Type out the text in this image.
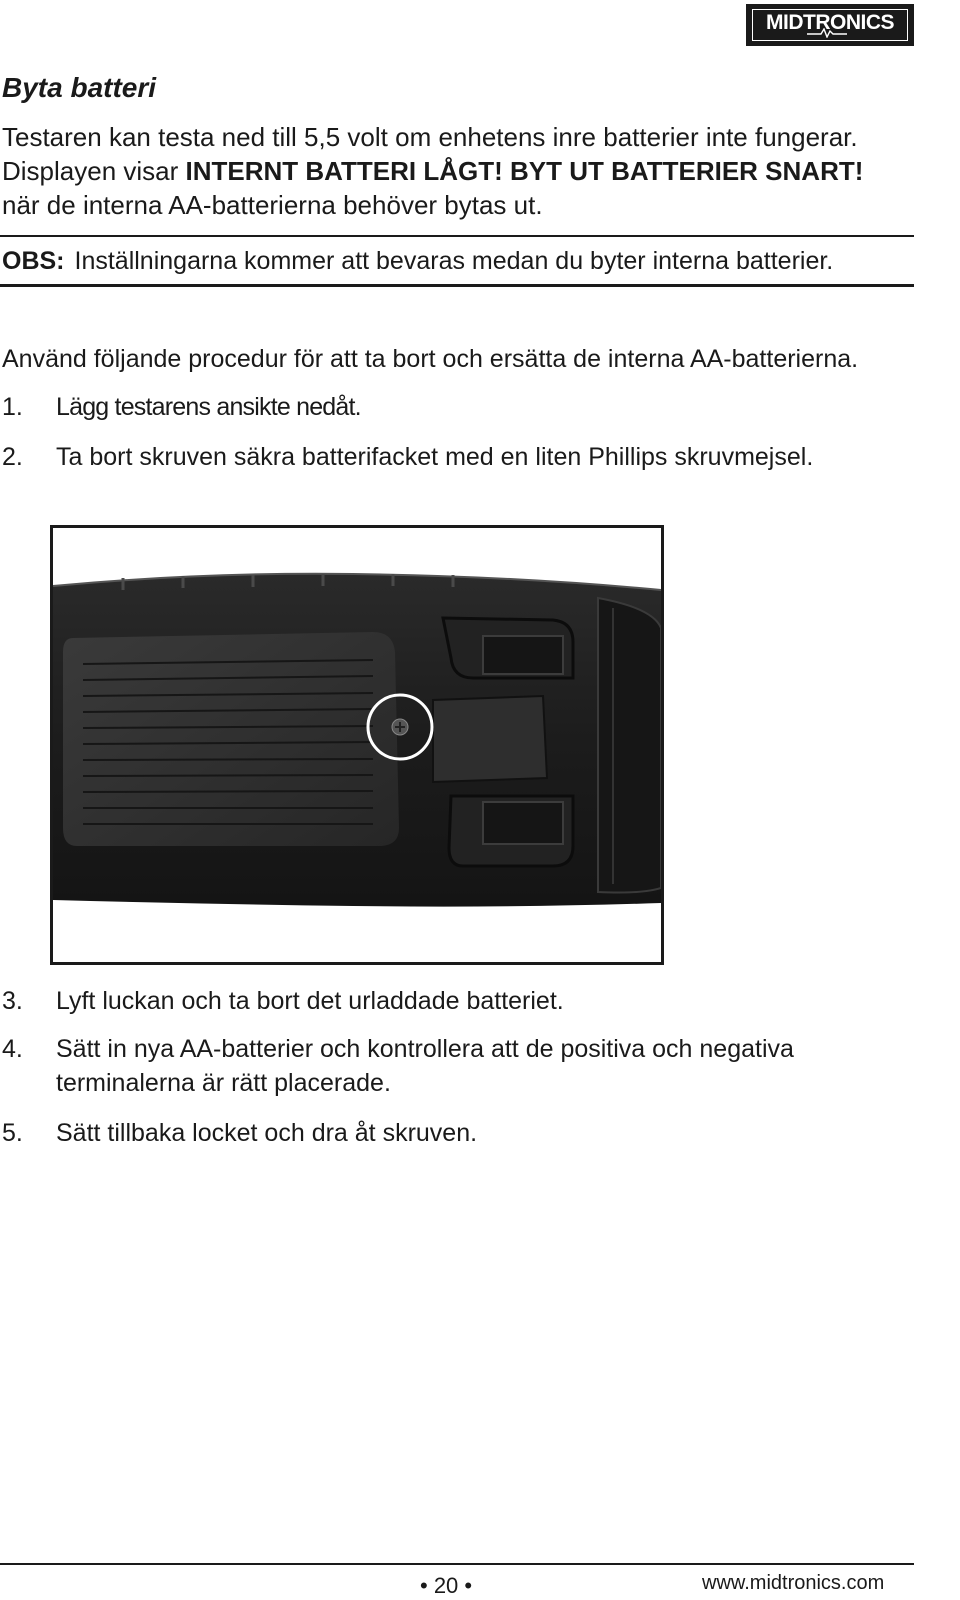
MIDTRONICS
Byta batteri

Testaren kan testa ned till 5,5 volt om enhetens inre batterier inte fungerar. Displayen visar INTERNT BATTERI LÅGT! BYT UT BATTERIER SNART! när de interna AA-batterierna behöver bytas ut.

OBS: Inställningarna kommer att bevaras medan du byter interna batterier.

Använd följande procedur för att ta bort och ersätta de interna AA-batterierna.

1. Lägg testarens ansikte nedåt.
2. Ta bort skruven säkra batterifacket med en liten Phillips skruvmejsel.
3. Lyft luckan och ta bort det urladdade batteriet.
4. Sätt in nya AA-batterier och kontrollera att de positiva och negativa terminalerna är rätt placerade.
5. Sätt tillbaka locket och dra åt skruven.
• 20 •	www.midtronics.com
